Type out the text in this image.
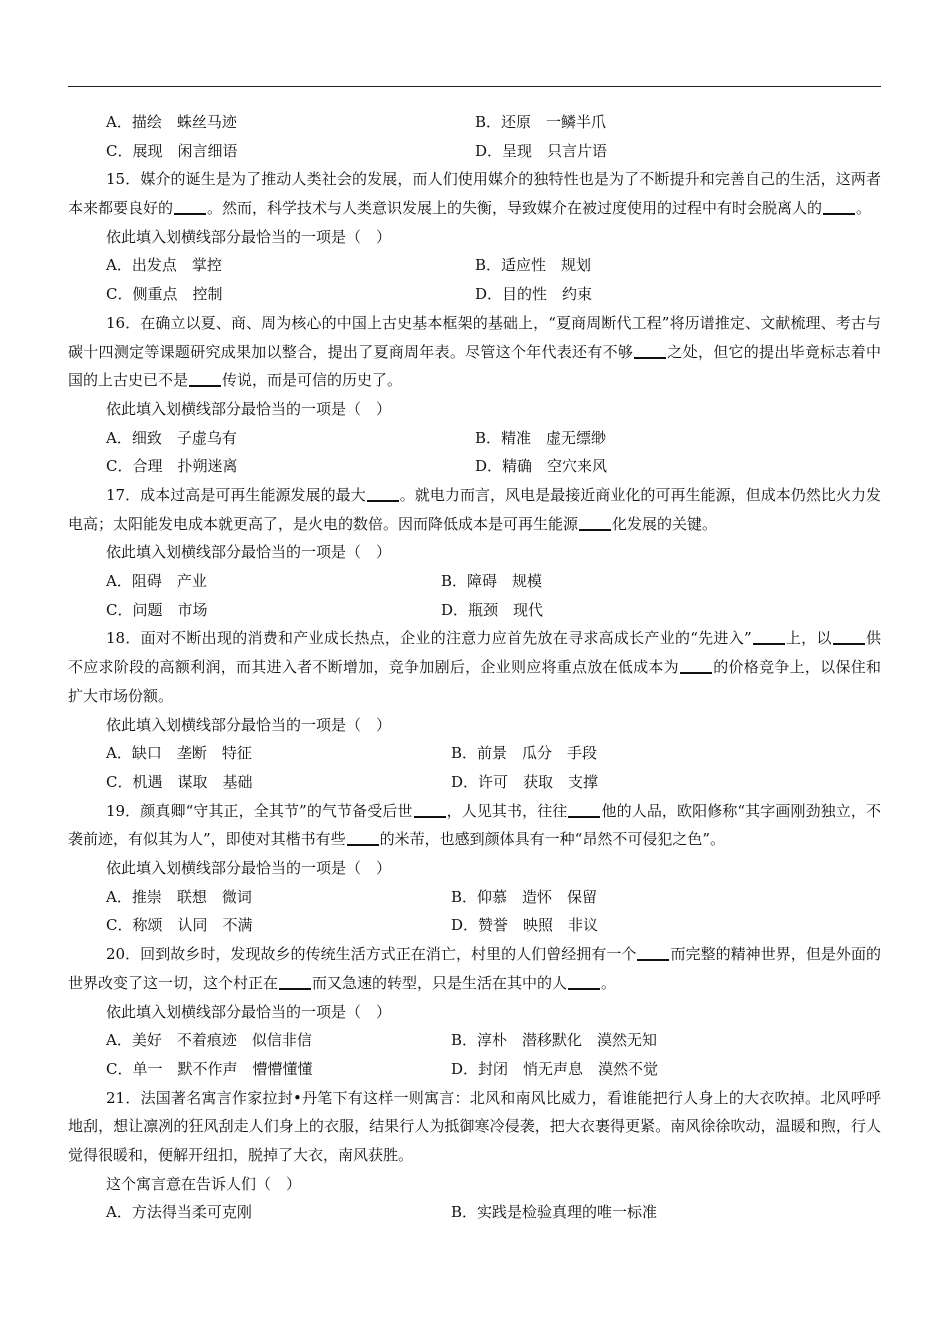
A．描绘　蛛丝马迹	B．还原　一鳞半爪
C．展现　闲言细语	D．呈现　只言片语
15．媒介的诞生是为了推动人类社会的发展，而人们使用媒介的独特性也是为了不断提升和完善自己的生活，这两者本来都要良好的 。然而，科学技术与人类意识发展上的失衡，导致媒介在被过度使用的过程中有时会脱离人的 。
依此填入划横线部分最恰当的一项是（　）
A．出发点　掌控	B．适应性　规划
C．侧重点　控制	D．目的性　约束
16．在确立以夏、商、周为核心的中国上古史基本框架的基础上，“夏商周断代工程”将历谱推定、文献梳理、考古与碳十四测定等课题研究成果加以整合，提出了夏商周年表。尽管这个年代表还有不够 之处，但它的提出毕竟标志着中国的上古史已不是 传说，而是可信的历史了。
依此填入划横线部分最恰当的一项是（　）
A．细致　子虚乌有	B．精准　虚无缥缈
C．合理　扑朔迷离	D．精确　空穴来风
17．成本过高是可再生能源发展的最大 。就电力而言，风电是最接近商业化的可再生能源，但成本仍然比火力发电高；太阳能发电成本就更高了，是火电的数倍。因而降低成本是可再生能源 化发展的关键。
依此填入划横线部分最恰当的一项是（　）
A．阻碍　产业	B．障碍　规模
C．问题　市场	D．瓶颈　现代
18．面对不断出现的消费和产业成长热点，企业的注意力应首先放在寻求高成长产业的“先进入” 上，以 供不应求阶段的高额利润，而其进入者不断增加，竞争加剧后，企业则应将重点放在低成本为 的价格竞争上，以保住和扩大市场份额。
依此填入划横线部分最恰当的一项是（　）
A．缺口　垄断　特征	B．前景　瓜分　手段
C．机遇　谋取　基础	D．许可　获取　支撑
19．颜真卿“守其正，全其节”的气节备受后世 ，人见其书，往往 他的人品，欧阳修称“其字画刚劲独立，不袭前迹，有似其为人”，即使对其楷书有些 的米芾，也感到颜体具有一种“昂然不可侵犯之色”。
依此填入划横线部分最恰当的一项是（　）
A．推崇　联想　微词	B．仰慕　造怀　保留
C．称颂　认同　不满	D．赞誉　映照　非议
20．回到故乡时，发现故乡的传统生活方式正在消亡，村里的人们曾经拥有一个 而完整的精神世界，但是外面的世界改变了这一切，这个村正在 而又急速的转型，只是生活在其中的人 。
依此填入划横线部分最恰当的一项是（　）
A．美好　不着痕迹　似信非信	B．淳朴　潜移默化　漠然无知
C．单一　默不作声　懵懵懂懂	D．封闭　悄无声息　漠然不觉
21．法国著名寓言作家拉封•丹笔下有这样一则寓言：北风和南风比威力，看谁能把行人身上的大衣吹掉。北风呼呼地刮，想让凛冽的狂风刮走人们身上的衣服，结果行人为抵御寒冷侵袭，把大衣裹得更紧。南风徐徐吹动，温暖和煦，行人觉得很暖和，便解开纽扣，脱掉了大衣，南风获胜。
这个寓言意在告诉人们（　）
A．方法得当柔可克刚	B．实践是检验真理的唯一标准
